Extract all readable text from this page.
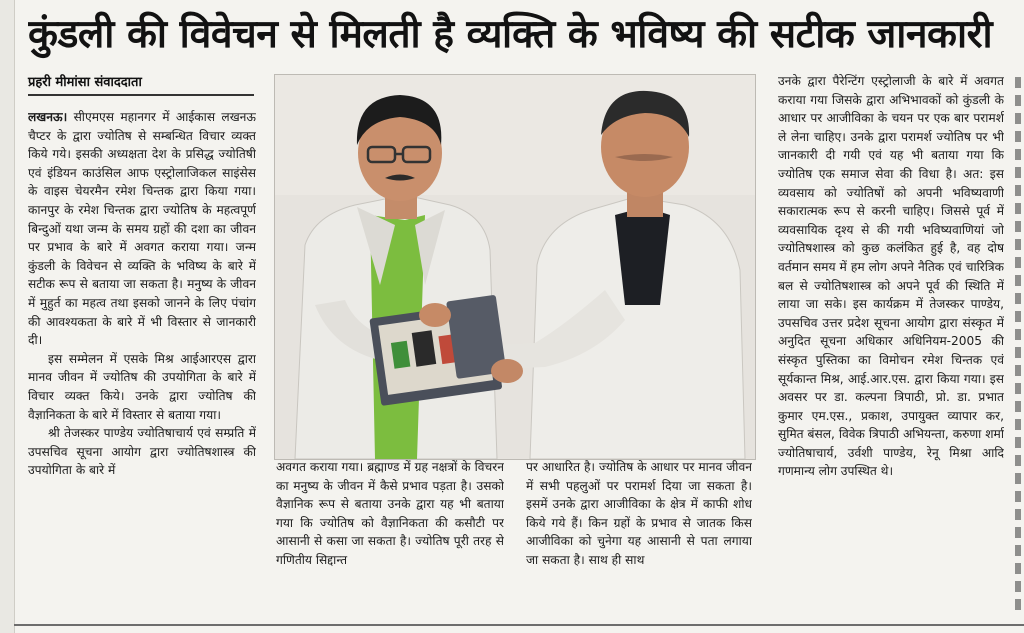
कुंडली की विवेचन से मिलती है व्यक्ति के भविष्य की सटीक जानकारी
प्रहरी मीमांसा संवाददाता

लखनऊ। सीएमएस महानगर में आईकास लखनऊ चैप्टर के द्वारा ज्योतिष से सम्बन्धित विचार व्यक्त किये गये। इसकी अध्यक्षता देश के प्रसिद्ध ज्योतिषी एवं इंडियन काउंसिल आफ एस्ट्रोलाजिकल साइंसेस के वाइस चेयरमैन रमेश चिन्तक द्वारा किया गया। कानपुर के रमेश चिन्तक द्वारा ज्योतिष के महत्वपूर्ण बिन्दुओं यथा जन्म के समय ग्रहों की दशा का जीवन पर प्रभाव के बारे में अवगत कराया गया। जन्म कुंडली के विवेचन से व्यक्ति के भविष्य के बारे में सटीक रूप से बताया जा सकता है। मनुष्य के जीवन में मुहुर्त का महत्व तथा इसको जानने के लिए पंचांग की आवश्यकता के बारे में भी विस्तार से जानकारी दी।

इस सम्मेलन में एसके मिश्र आईआरएस द्वारा मानव जीवन में ज्योतिष की उपयोगिता के बारे में विचार व्यक्त किये। उनके द्वारा ज्योतिष की वैज्ञानिकता के बारे में विस्तार से बताया गया।

श्री तेजस्कर पाण्डेय ज्योतिषाचार्य एवं सम्प्रति में उपसचिव सूचना आयोग द्वारा ज्योतिषशास्त्र की उपयोगिता के बारे में	अवगत कराया गया। ब्रह्माण्ड में ग्रह नक्षत्रों के विचरन का मनुष्य के जीवन में कैसे प्रभाव पड़ता है। उसको वैज्ञानिक रूप से बताया उनके द्वारा यह भी बताया गया कि ज्योतिष को वैज्ञानिकता की कसौटी पर आसानी से कसा जा सकता है। ज्योतिष पूरी तरह से गणितीय सिद्दान्त

पर आधारित है। ज्योतिष के आधार पर मानव जीवन में सभी पहलुओं पर परामर्श दिया जा सकता है। इसमें उनके द्वारा आजीविका के क्षेत्र में काफी शोध किये गये हैं। किन ग्रहों के प्रभाव से जातक किस आजीविका को चुनेगा यह आसानी से पता लगाया जा सकता है। साथ ही साथ

उनके द्वारा पैरेन्टिंग एस्ट्रोलाजी के बारे में अवगत कराया गया जिसके द्वारा अभिभावकों को कुंडली के आधार पर आजीविका के चयन पर एक बार परामर्श ले लेना चाहिए। उनके द्वारा परामर्श ज्योतिष पर भी जानकारी दी गयी एवं यह भी बताया गया कि ज्योतिष एक समाज सेवा की विधा है। अत: इस व्यवसाय को ज्योतिषों को अपनी भविष्यवाणी सकारात्मक रूप से करनी चाहिए। जिससे पूर्व में व्यवसायिक दृश्य से की गयी भविष्यवाणियां जो ज्योतिषशास्त्र को कुछ कलंकित हुई है, वह दोष वर्तमान समय में हम लोग अपने नैतिक एवं चारित्रिक बल से ज्योतिषशास्त्र को अपने पूर्व की स्थिति में लाया जा सके। इस कार्यक्रम में तेजस्कर पाण्डेय, उपसचिव उत्तर प्रदेश सूचना आयोग द्वारा संस्कृत में अनुदित सूचना अधिकार अधिनियम-2005 की संस्कृत पुस्तिका का विमोचन रमेश चिन्तक एवं सूर्यकान्त मिश्र, आई.आर.एस. द्वारा किया गया। इस अवसर पर डा. कल्पना त्रिपाठी, प्रो. डा. प्रभात कुमार एम.एस., प्रकाश, उपायुक्त व्यापार कर, सुमित बंसल, विवेक त्रिपाठी अभियन्ता, करुणा शर्मा ज्योतिषाचार्य, उर्वशी पाण्डेय, रेनू मिश्रा आदि गणमान्य लोग उपस्थित थे।
